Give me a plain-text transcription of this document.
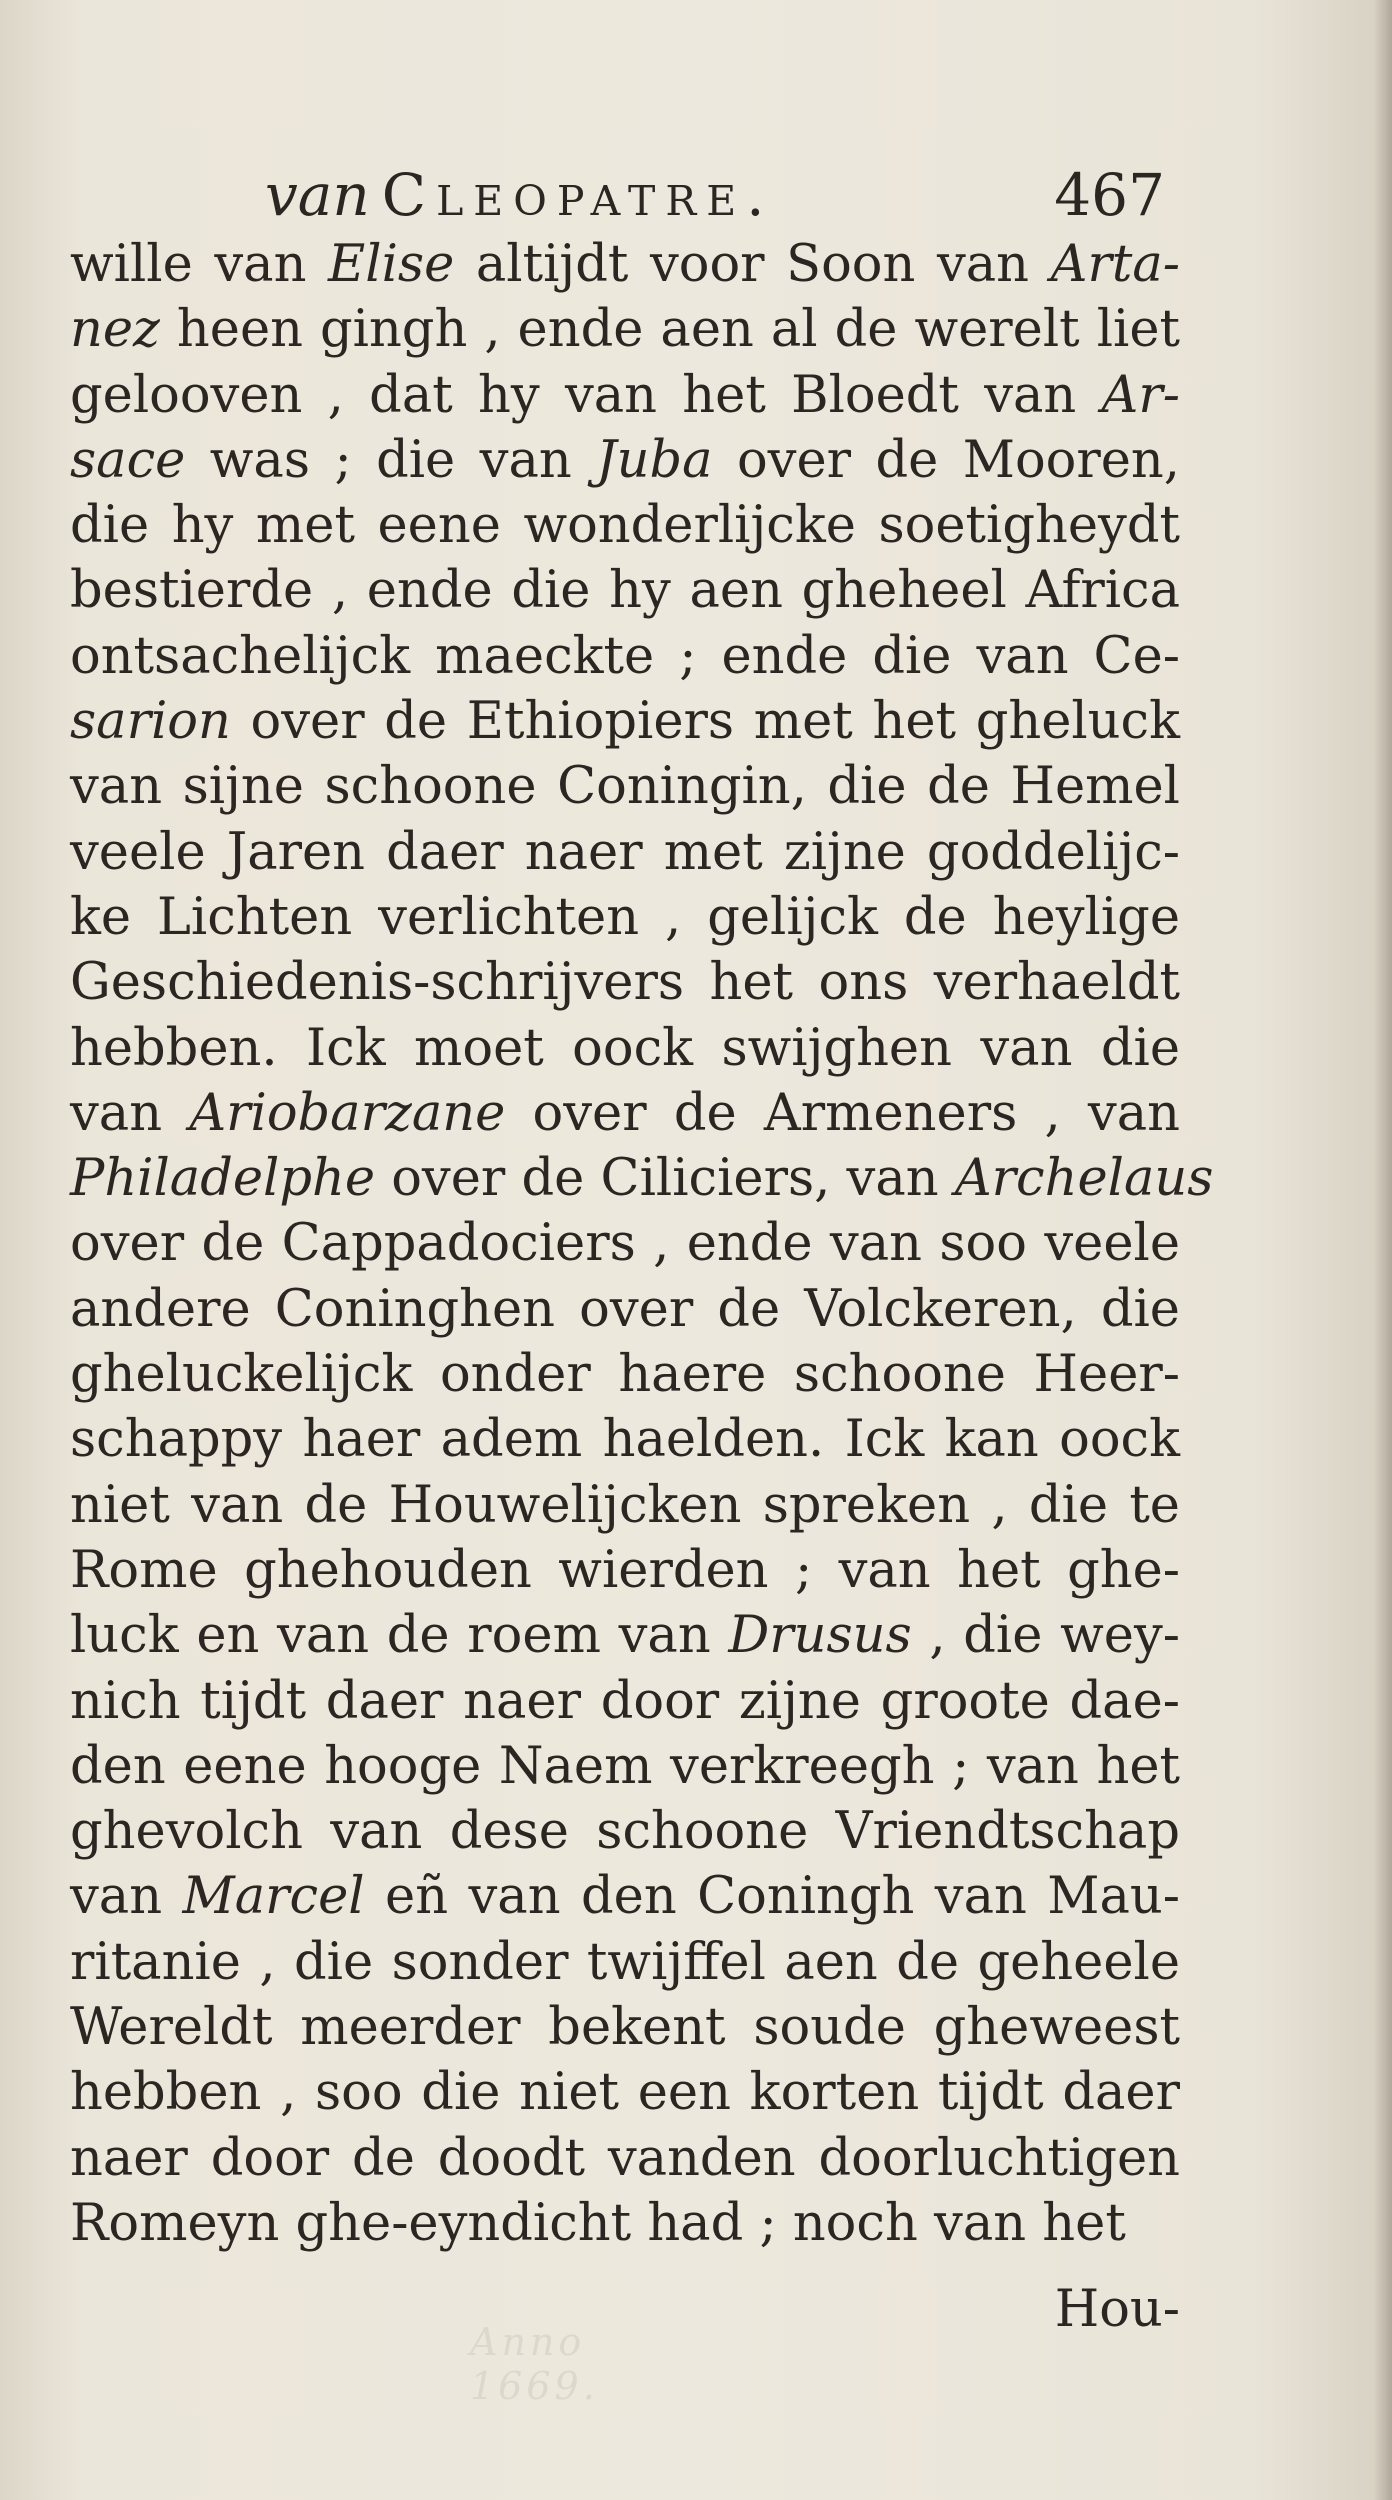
Anno 1669.
van Cleopatre.	467
wille van Elise altijdt voor Soon van Arta-
nez heen gingh , ende aen al de werelt liet
gelooven , dat hy van het Bloedt van Ar-
sace was ; die van Juba over de Mooren,
die hy met eene wonderlijcke soetigheydt
bestierde , ende die hy aen gheheel Africa
ontsachelijck maeckte ; ende die van Ce-
sarion over de Ethiopiers met het gheluck
van sijne schoone Coningin, die de Hemel
veele Jaren daer naer met zijne goddelijc-
ke Lichten verlichten , gelijck de heylige
Geschiedenis-schrijvers het ons verhaeldt
hebben. Ick moet oock swijghen van die
van Ariobarzane over de Armeners , van
Philadelphe over de Ciliciers, van Archelaus
over de Cappadociers , ende van soo veele
andere Coninghen over de Volckeren, die
gheluckelijck onder haere schoone Heer-
schappy haer adem haelden. Ick kan oock
niet van de Houwelijcken spreken , die te
Rome ghehouden wierden ; van het ghe-
luck en van de roem van Drusus , die wey-
nich tijdt daer naer door zijne groote dae-
den eene hooge Naem verkreegh ; van het
ghevolch van dese schoone Vriendtschap
van Marcel eñ van den Coningh van Mau-
ritanie , die sonder twijffel aen de geheele
Wereldt meerder bekent soude gheweest
hebben , soo die niet een korten tijdt daer
naer door de doodt vanden doorluchtigen
Romeyn ghe-eyndicht had ; noch van het
Hou-
